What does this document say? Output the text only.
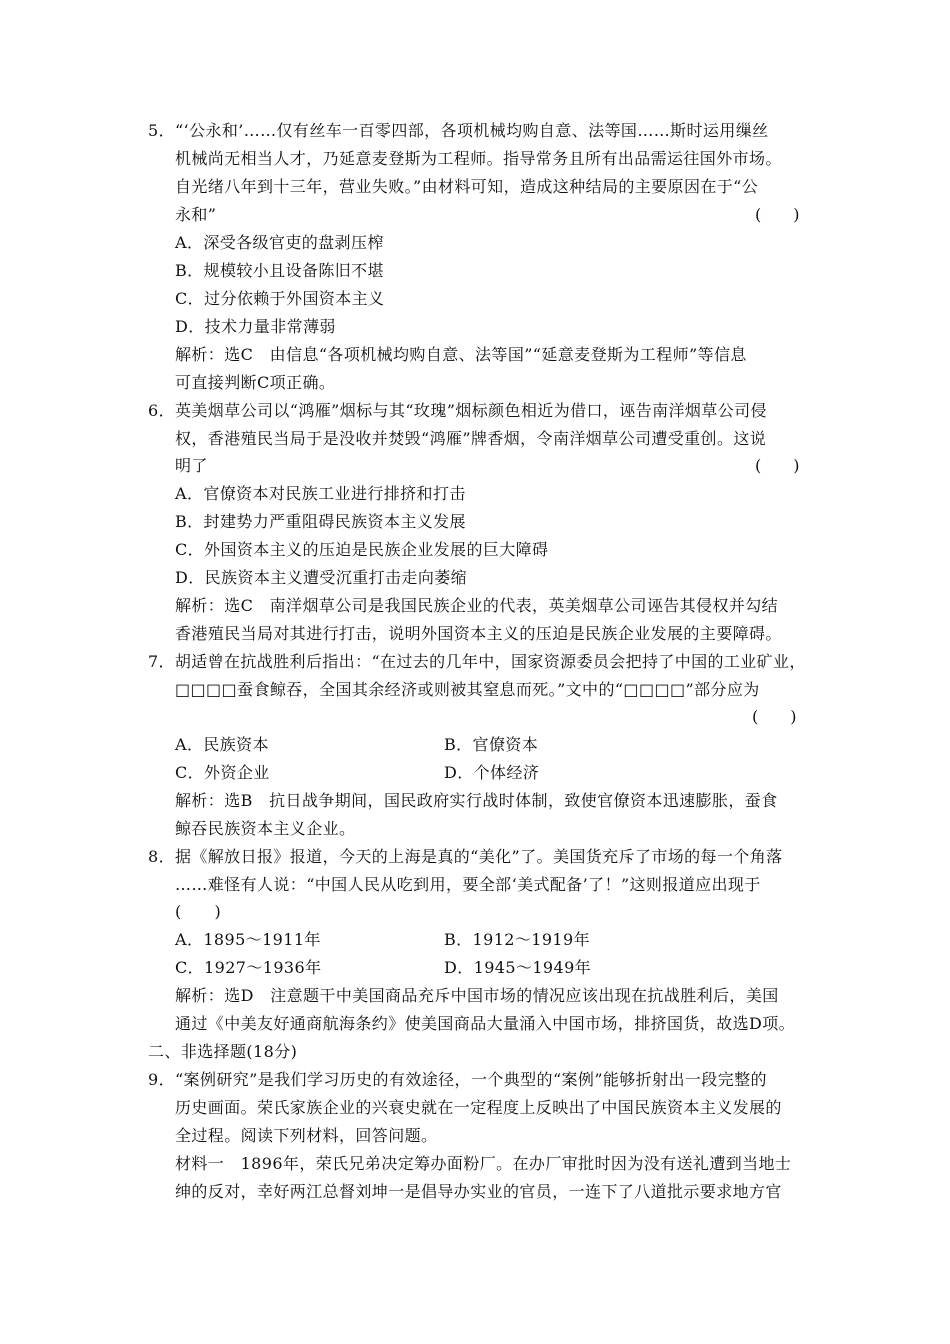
5．“‘公永和’……仅有丝车一百零四部，各项机械均购自意、法等国……斯时运用缫丝
机械尚无相当人才，乃延意麦登斯为工程师。指导常务且所有出品需运往国外市场。
自光绪八年到十三年，营业失败。”由材料可知，造成这种结局的主要原因在于“公
永和”	(　　)
A．深受各级官吏的盘剥压榨
B．规模较小且设备陈旧不堪
C．过分依赖于外国资本主义
D．技术力量非常薄弱
解析：选C　由信息“各项机械均购自意、法等国”“延意麦登斯为工程师”等信息
可直接判断C项正确。
6．英美烟草公司以“鸿雁”烟标与其“玫瑰”烟标颜色相近为借口，诬告南洋烟草公司侵
权，香港殖民当局于是没收并焚毁“鸿雁”牌香烟，令南洋烟草公司遭受重创。这说
明了	(　　)
A．官僚资本对民族工业进行排挤和打击
B．封建势力严重阻碍民族资本主义发展
C．外国资本主义的压迫是民族企业发展的巨大障碍
D．民族资本主义遭受沉重打击走向萎缩
解析：选C　南洋烟草公司是我国民族企业的代表，英美烟草公司诬告其侵权并勾结
香港殖民当局对其进行打击，说明外国资本主义的压迫是民族企业发展的主要障碍。
7．胡适曾在抗战胜利后指出：“在过去的几年中，国家资源委员会把持了中国的工业矿业，
□□□□蚕食鲸吞，全国其余经济或则被其窒息而死。”文中的“□□□□”部分应为
(　　)
A．民族资本	B．官僚资本
C．外资企业	D．个体经济
解析：选B　抗日战争期间，国民政府实行战时体制，致使官僚资本迅速膨胀，蚕食
鲸吞民族资本主义企业。
8．据《解放日报》报道，今天的上海是真的“美化”了。美国货充斥了市场的每一个角落
……难怪有人说：“中国人民从吃到用，要全部‘美式配备’了！”这则报道应出现于
(　　)
A．1895～1911年	B．1912～1919年
C．1927～1936年	D．1945～1949年
解析：选D　注意题干中美国商品充斥中国市场的情况应该出现在抗战胜利后，美国
通过《中美友好通商航海条约》使美国商品大量涌入中国市场，排挤国货，故选D项。
二、非选择题(18分)
9．“案例研究”是我们学习历史的有效途径，一个典型的“案例”能够折射出一段完整的
历史画面。荣氏家族企业的兴衰史就在一定程度上反映出了中国民族资本主义发展的
全过程。阅读下列材料，回答问题。
材料一　1896年，荣氏兄弟决定筹办面粉厂。在办厂审批时因为没有送礼遭到当地士
绅的反对，幸好两江总督刘坤一是倡导办实业的官员，一连下了八道批示要求地方官
